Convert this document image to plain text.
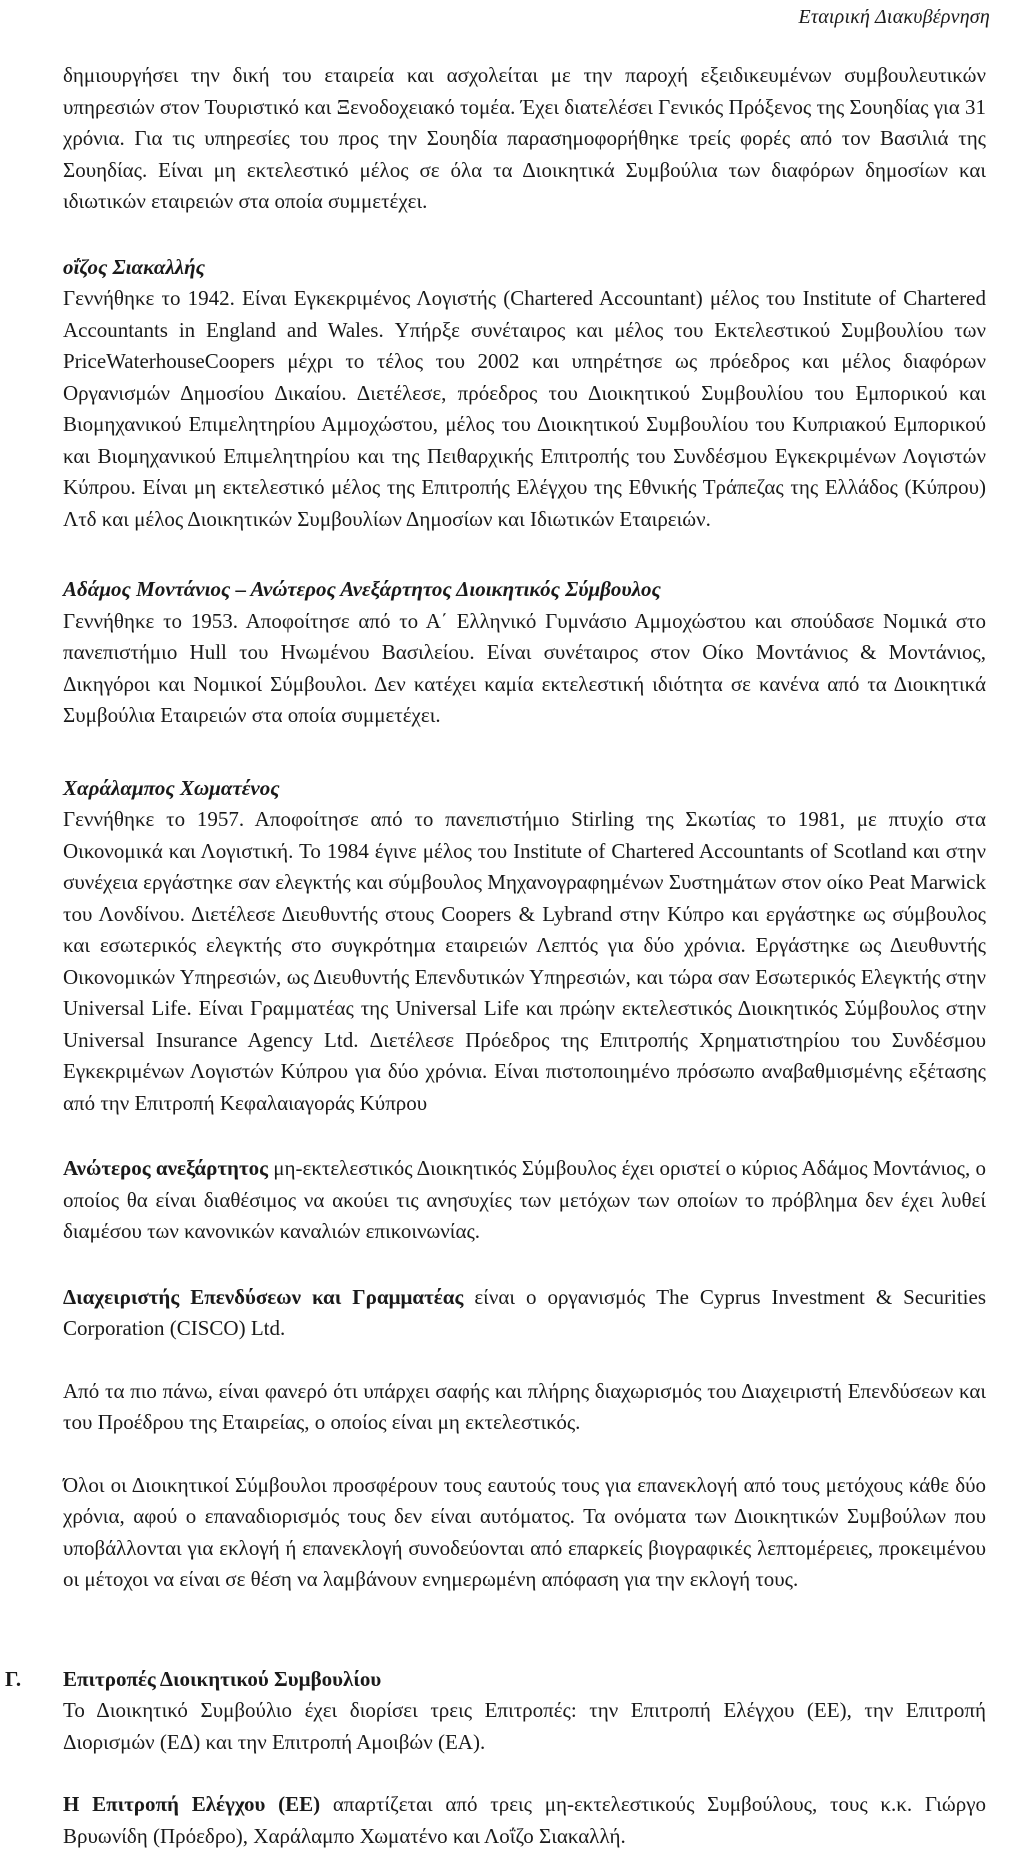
Εταιρική Διακυβέρνηση

δημιουργήσει την δική του εταιρεία και ασχολείται με την παροχή εξειδικευμένων συμβουλευτικών υπηρεσιών στον Τουριστικό και Ξενοδοχειακό τομέα. Έχει διατελέσει Γενικός Πρόξενος της Σουηδίας για 31 χρόνια. Για τις υπηρεσίες του προς την Σουηδία παρασημοφορήθηκε τρείς φορές από τον Βασιλιά της Σουηδίας. Είναι μη εκτελεστικό μέλος σε όλα τα Διοικητικά Συμβούλια των διαφόρων δημοσίων και ιδιωτικών εταιρειών στα οποία συμμετέχει.

οΐζος Σιακαλλής

Γεννήθηκε το 1942. Είναι Εγκεκριμένος Λογιστής (Chartered Accountant) μέλος του Institute of Chartered Accountants in England and Wales. Υπήρξε συνέταιρος και μέλος του Εκτελεστικού Συμβουλίου των PriceWaterhouseCoopers μέχρι το τέλος του 2002 και υπηρέτησε ως πρόεδρος και μέλος διαφόρων Οργανισμών Δημοσίου Δικαίου. Διετέλεσε, πρόεδρος του Διοικητικού Συμβουλίου του Εμπορικού και Βιομηχανικού Επιμελητηρίου Αμμοχώστου, μέλος του Διοικητικού Συμβουλίου του Κυπριακού Εμπορικού και Βιομηχανικού Επιμελητηρίου και της Πειθαρχικής Επιτροπής του Συνδέσμου Εγκεκριμένων Λογιστών Κύπρου. Είναι μη εκτελεστικό μέλος της Επιτροπής Ελέγχου της Εθνικής Τράπεζας της Ελλάδος (Κύπρου) Λτδ και μέλος Διοικητικών Συμβουλίων Δημοσίων και Ιδιωτικών Εταιρειών.

Αδάμος Μοντάνιος – Ανώτερος Ανεξάρτητος Διοικητικός Σύμβουλος

Γεννήθηκε το 1953. Αποφοίτησε από το Α΄ Ελληνικό Γυμνάσιο Αμμοχώστου και σπούδασε Νομικά στο πανεπιστήμιο Hull του Ηνωμένου Βασιλείου. Είναι συνέταιρος στον Οίκο Μοντάνιος & Μοντάνιος, Δικηγόροι και Νομικοί Σύμβουλοι. Δεν κατέχει καμία εκτελεστική ιδιότητα σε κανένα από τα Διοικητικά Συμβούλια Εταιρειών στα οποία συμμετέχει.

Χαράλαμπος Χωματένος

Γεννήθηκε το 1957. Αποφοίτησε από το πανεπιστήμιο Stirling της Σκωτίας το 1981, με πτυχίο στα Οικονομικά και Λογιστική. Το 1984 έγινε μέλος του Institute of Chartered Accountants of Scotland και στην συνέχεια εργάστηκε σαν ελεγκτής και σύμβουλος Μηχανογραφημένων Συστημάτων στον οίκο Peat Marwick του Λονδίνου. Διετέλεσε Διευθυντής στους Coopers & Lybrand στην Κύπρο και εργάστηκε ως σύμβουλος και εσωτερικός ελεγκτής στο συγκρότημα εταιρειών Λεπτός για δύο χρόνια. Εργάστηκε ως Διευθυντής Οικονομικών Υπηρεσιών, ως Διευθυντής Επενδυτικών Υπηρεσιών, και τώρα σαν Εσωτερικός Ελεγκτής στην Universal Life. Είναι Γραμματέας της Universal Life και πρώην εκτελεστικός Διοικητικός Σύμβουλος στην Universal Insurance Agency Ltd. Διετέλεσε Πρόεδρος της Επιτροπής Χρηματιστηρίου του Συνδέσμου Εγκεκριμένων Λογιστών Κύπρου για δύο χρόνια. Είναι πιστοποιημένο πρόσωπο αναβαθμισμένης εξέτασης από την Επιτροπή Κεφαλαιαγοράς Κύπρου

Ανώτερος ανεξάρτητος μη-εκτελεστικός Διοικητικός Σύμβουλος έχει οριστεί ο κύριος Αδάμος Μοντάνιος, ο οποίος θα είναι διαθέσιμος να ακούει τις ανησυχίες των μετόχων των οποίων το πρόβλημα δεν έχει λυθεί διαμέσου των κανονικών καναλιών επικοινωνίας.

Διαχειριστής Επενδύσεων και Γραμματέας είναι ο οργανισμός The Cyprus Investment & Securities Corporation (CISCO) Ltd.

Από τα πιο πάνω, είναι φανερό ότι υπάρχει σαφής και πλήρης διαχωρισμός του Διαχειριστή Επενδύσεων και του Προέδρου της Εταιρείας, ο οποίος είναι μη εκτελεστικός.

Όλοι οι Διοικητικοί Σύμβουλοι προσφέρουν τους εαυτούς τους για επανεκλογή από τους μετόχους κάθε δύο χρόνια, αφού ο επαναδιορισμός τους δεν είναι αυτόματος. Τα ονόματα των Διοικητικών Συμβούλων που υποβάλλονται για εκλογή ή επανεκλογή συνοδεύονται από επαρκείς βιογραφικές λεπτομέρειες, προκειμένου οι μέτοχοι να είναι σε θέση να λαμβάνουν ενημερωμένη απόφαση για την εκλογή τους.

Γ. Επιτροπές Διοικητικού Συμβουλίου

Το Διοικητικό Συμβούλιο έχει διορίσει τρεις Επιτροπές: την Επιτροπή Ελέγχου (ΕΕ), την Επιτροπή Διορισμών (ΕΔ) και την Επιτροπή Αμοιβών (ΕΑ).

Η Επιτροπή Ελέγχου (ΕΕ) απαρτίζεται από τρεις μη-εκτελεστικούς Συμβούλους, τους κ.κ. Γιώργο Βρυωνίδη (Πρόεδρο), Χαράλαμπο Χωματένο και Λοΐζο Σιακαλλή.
